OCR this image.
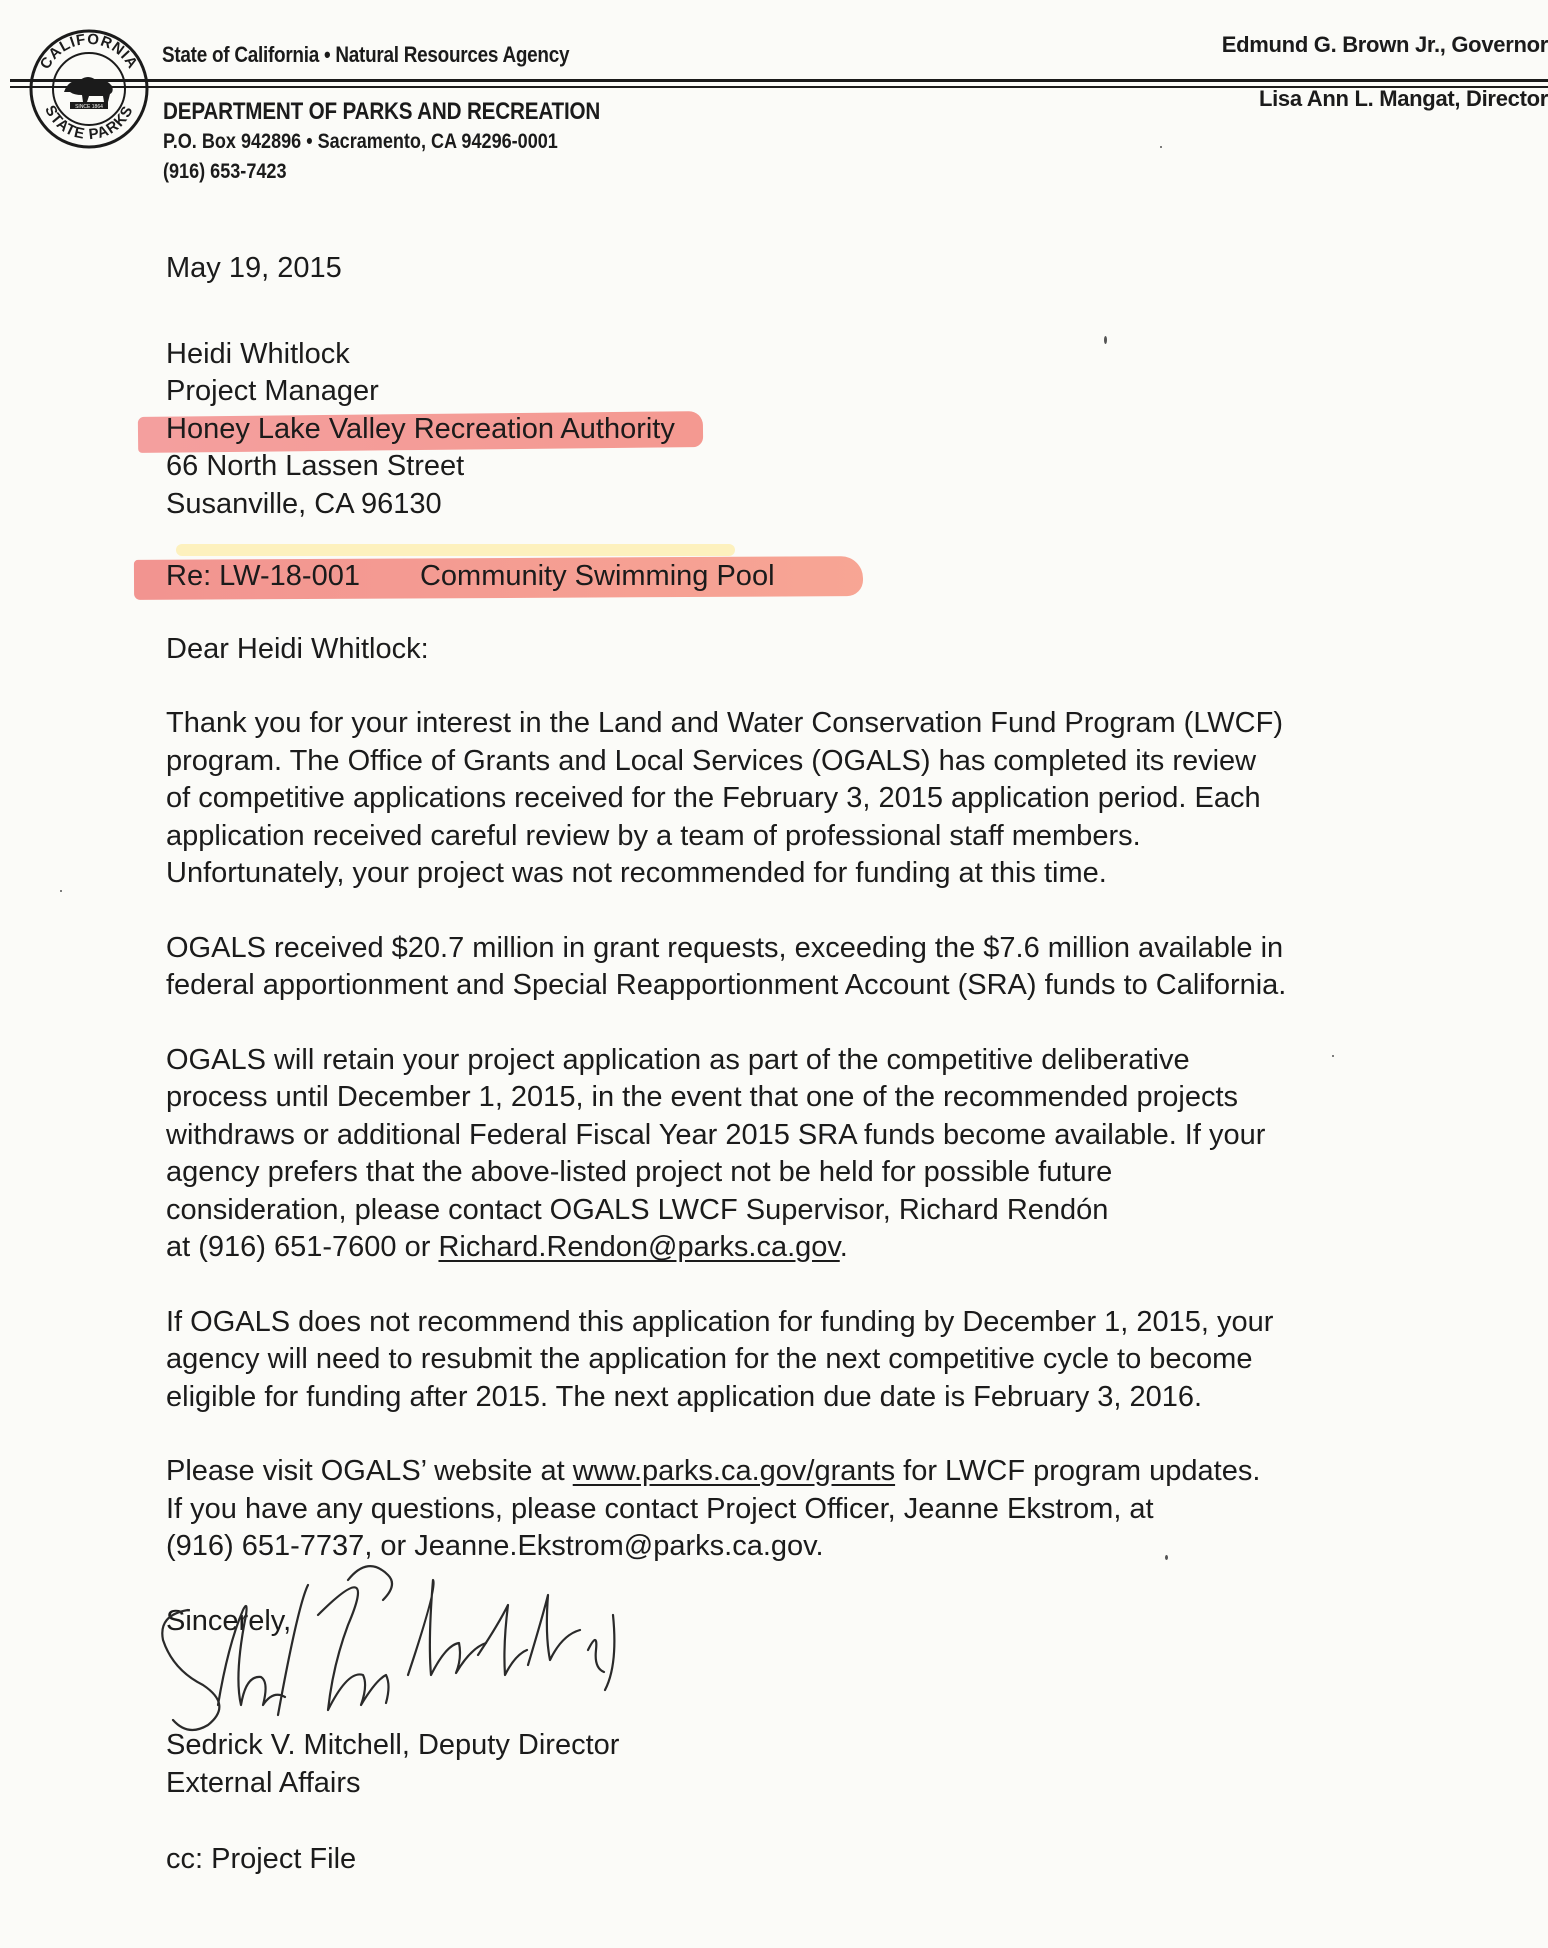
CALIFORNIA
STATE PARKS
SINCE 1864
State of California • Natural Resources Agency	Edmund G. Brown Jr., Governor
Lisa Ann L. Mangat, Director
DEPARTMENT OF PARKS AND RECREATION
P.O. Box 942896 • Sacramento, CA 94296-0001
(916) 653-7423
May 19, 2015
Heidi Whitlock
Project Manager
Honey Lake Valley Recreation Authority
66 North Lassen Street
Susanville, CA 96130
Re: LW-18-001 Community Swimming Pool
Dear Heidi Whitlock:
Thank you for your interest in the Land and Water Conservation Fund Program (LWCF)
program. The Office of Grants and Local Services (OGALS) has completed its review
of competitive applications received for the February 3, 2015 application period. Each
application received careful review by a team of professional staff members.
Unfortunately, your project was not recommended for funding at this time.
OGALS received $20.7 million in grant requests, exceeding the $7.6 million available in
federal apportionment and Special Reapportionment Account (SRA) funds to California.
OGALS will retain your project application as part of the competitive deliberative
process until December 1, 2015, in the event that one of the recommended projects
withdraws or additional Federal Fiscal Year 2015 SRA funds become available. If your
agency prefers that the above-listed project not be held for possible future
consideration, please contact OGALS LWCF Supervisor, Richard Rendón
at (916) 651-7600 or Richard.Rendon@parks.ca.gov.
If OGALS does not recommend this application for funding by December 1, 2015, your
agency will need to resubmit the application for the next competitive cycle to become
eligible for funding after 2015. The next application due date is February 3, 2016.
Please visit OGALS’ website at www.parks.ca.gov/grants for LWCF program updates.
If you have any questions, please contact Project Officer, Jeanne Ekstrom, at
(916) 651-7737, or Jeanne.Ekstrom@parks.ca.gov.
Sincerely,
Sedrick V. Mitchell, Deputy Director
External Affairs
cc: Project File
